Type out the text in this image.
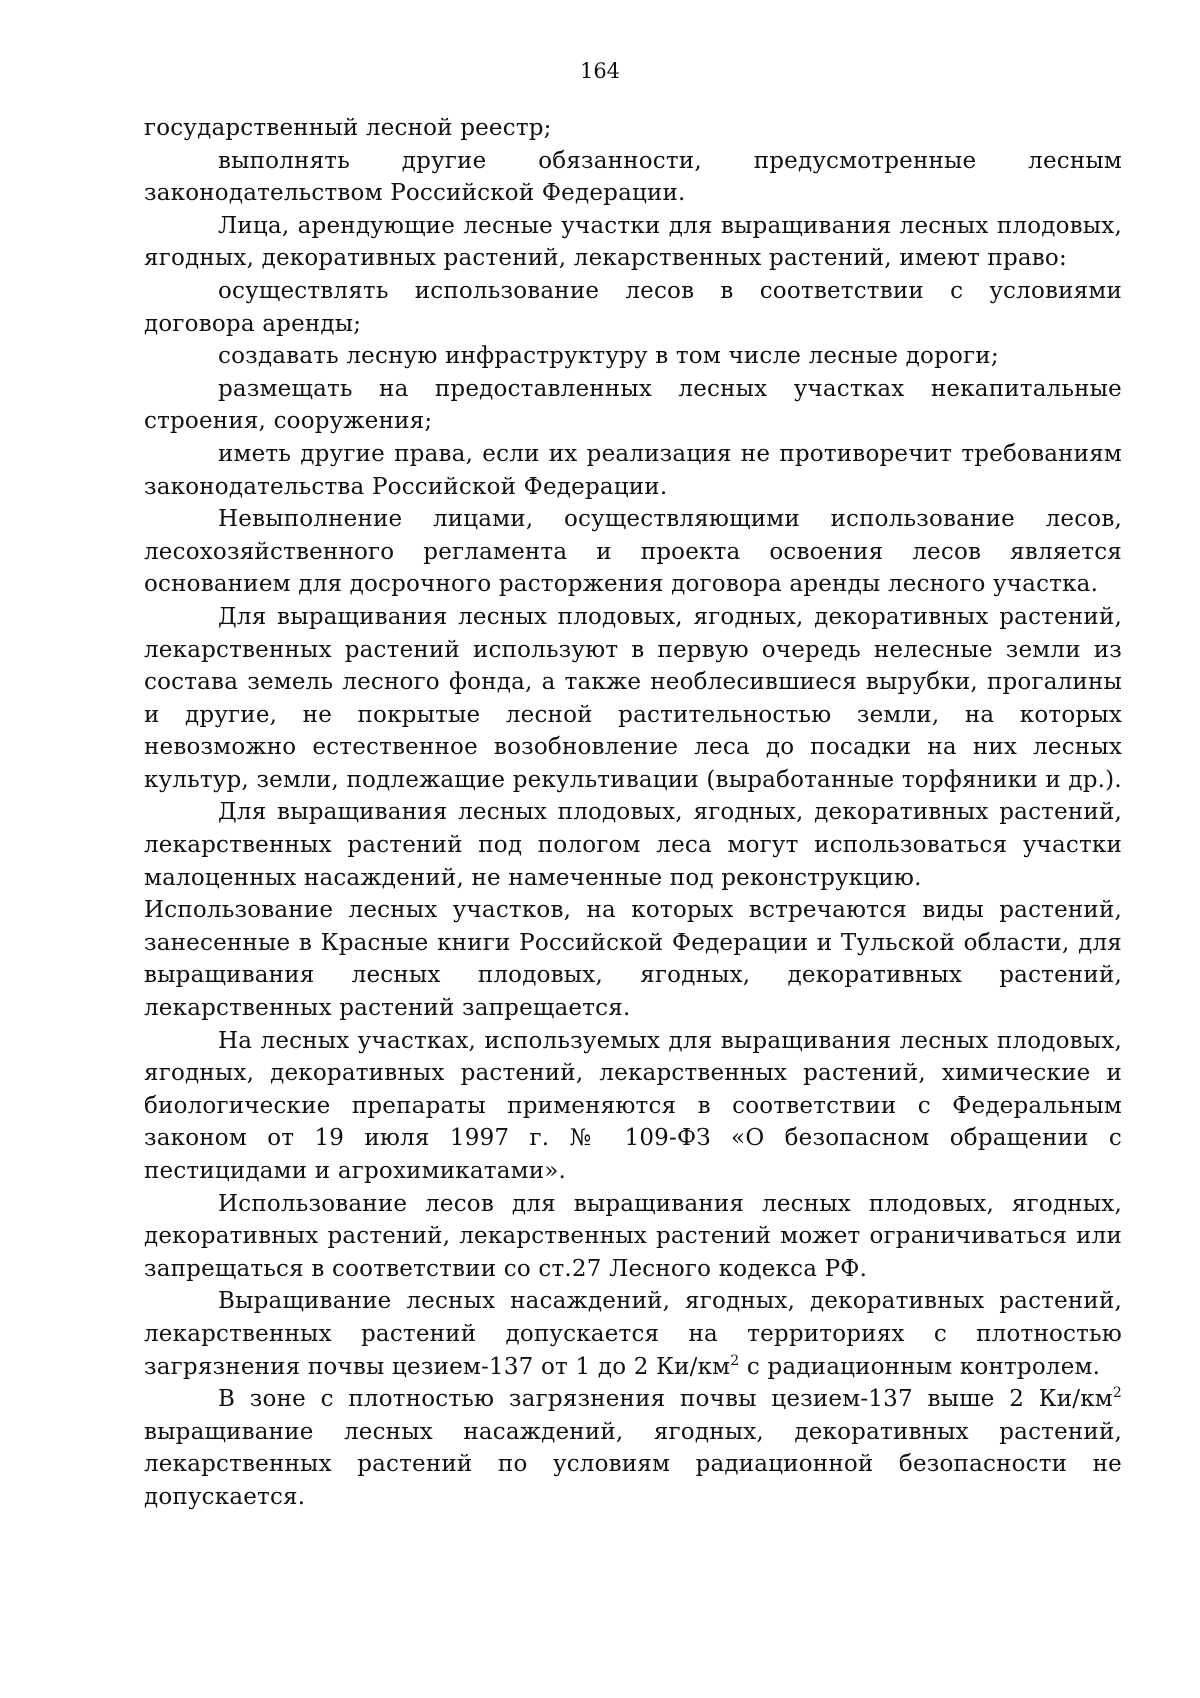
164

государственный лесной реестр;

выполнять другие обязанности, предусмотренные лесным законодательством Российской Федерации.

Лица, арендующие лесные участки для выращивания лесных плодовых, ягодных, декоративных растений, лекарственных растений, имеют право:

осуществлять использование лесов в соответствии с условиями договора аренды;

создавать лесную инфраструктуру в том числе лесные дороги;

размещать на предоставленных лесных участках некапитальные строения, сооружения;

иметь другие права, если их реализация не противоречит требованиям законодательства Российской Федерации.

Невыполнение лицами, осуществляющими использование лесов, лесохозяйственного регламента и проекта освоения лесов является основанием для досрочного расторжения договора аренды лесного участка.

Для выращивания лесных плодовых, ягодных, декоративных растений, лекарственных растений используют в первую очередь нелесные земли из состава земель лесного фонда, а также необлесившиеся вырубки, прогалины и другие, не покрытые лесной растительностью земли, на которых невозможно естественное возобновление леса до посадки на них лесных культур, земли, подлежащие рекультивации (выработанные торфяники и др.).

Для выращивания лесных плодовых, ягодных, декоративных растений, лекарственных растений под пологом леса могут использоваться участки малоценных насаждений, не намеченные под реконструкцию.

Использование лесных участков, на которых встречаются виды растений, занесенные в Красные книги Российской Федерации и Тульской области, для выращивания лесных плодовых, ягодных, декоративных растений, лекарственных растений запрещается.

На лесных участках, используемых для выращивания лесных плодовых, ягодных, декоративных растений, лекарственных растений, химические и биологические препараты применяются в соответствии с Федеральным законом от 19 июля 1997 г. № 109-ФЗ «О безопасном обращении с пестицидами и агрохимикатами».

Использование лесов для выращивания лесных плодовых, ягодных, декоративных растений, лекарственных растений может ограничиваться или запрещаться в соответствии со ст.27 Лесного кодекса РФ.

Выращивание лесных насаждений, ягодных, декоративных растений, лекарственных растений допускается на территориях с плотностью загрязнения почвы цезием-137 от 1 до 2 $Ки/км^2$ с радиационным контролем.

В зоне с плотностью загрязнения почвы цезием-137 выше 2 $Ки/км^2$ выращивание лесных насаждений, ягодных, декоративных растений, лекарственных растений по условиям радиационной безопасности не допускается.
